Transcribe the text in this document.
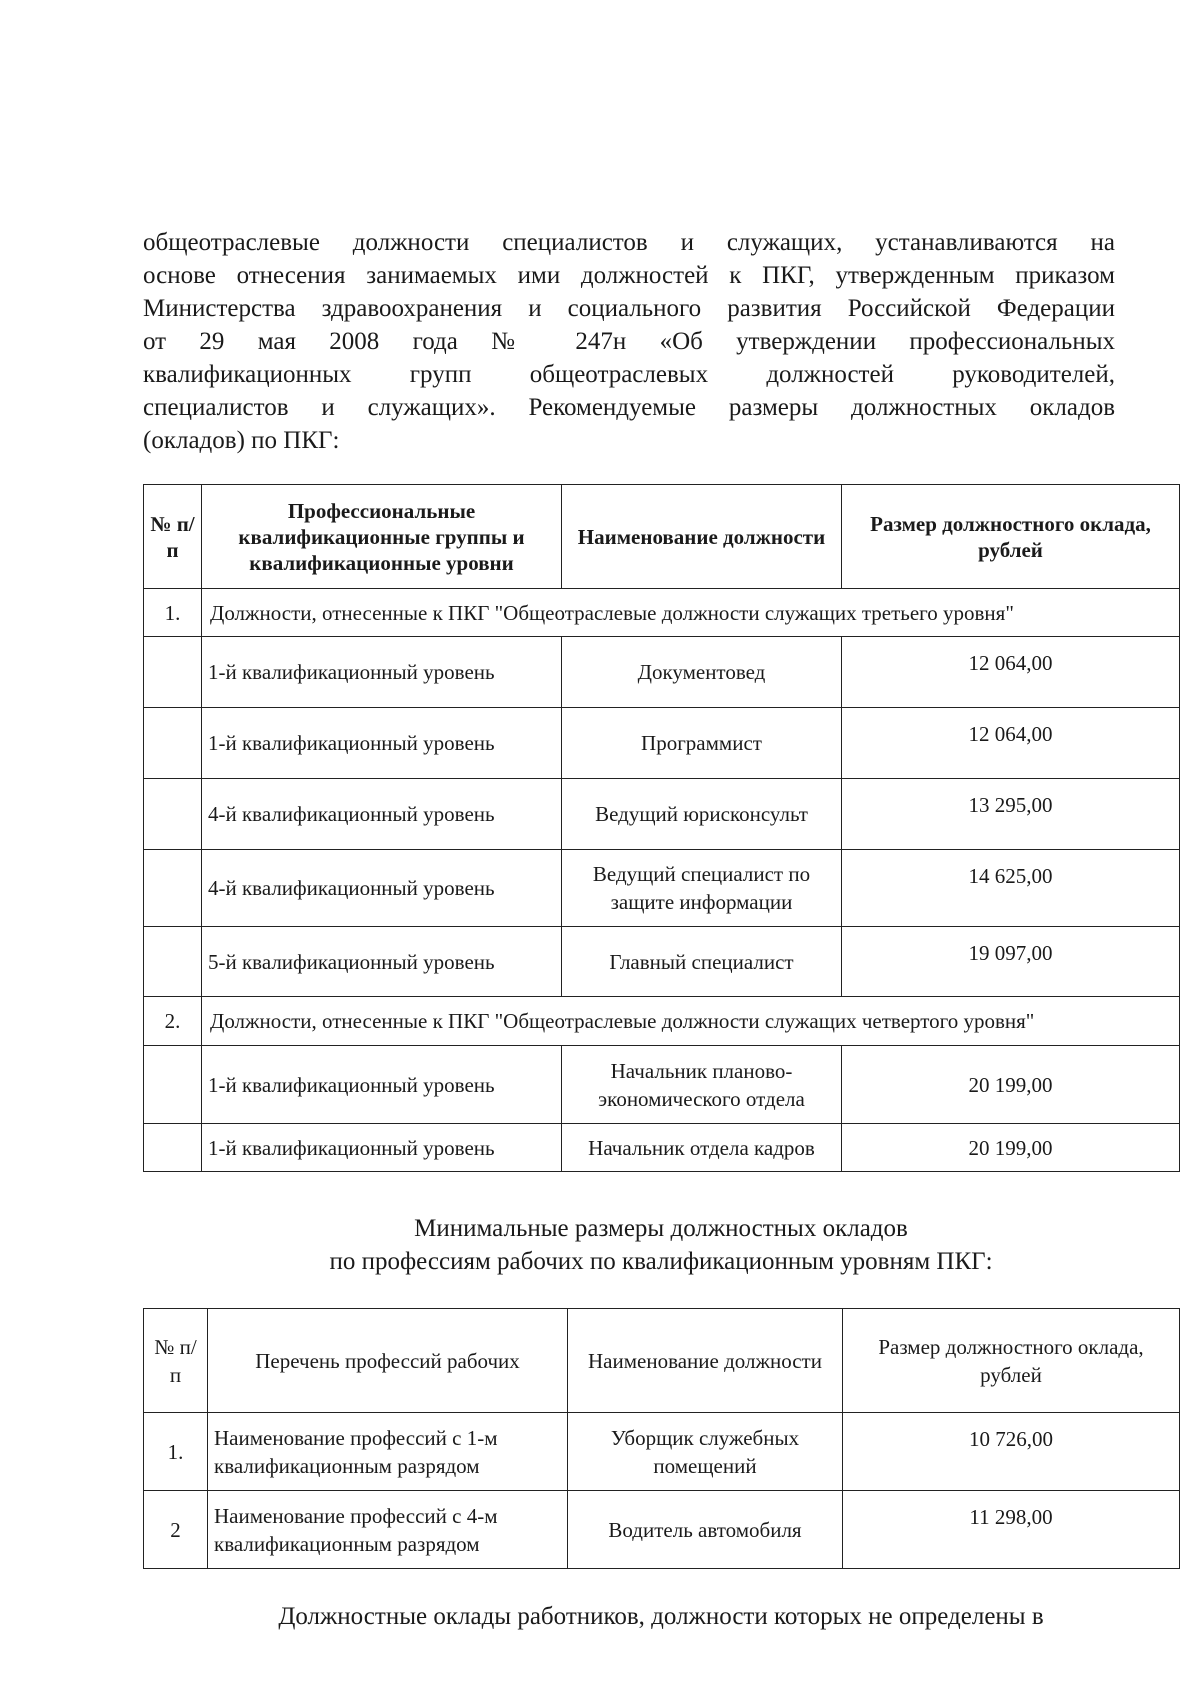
общеотраслевые должности специалистов и служащих, устанавливаются на
основе отнесения занимаемых ими должностей к ПКГ, утвержденным приказом
Министерства здравоохранения и социального развития Российской Федерации
от 29 мая 2008 года № 247н «Об утверждении профессиональных
квалификационных групп общеотраслевых должностей руководителей,
специалистов и служащих». Рекомендуемые размеры должностных окладов
(окладов) по ПКГ:
№ п/п	Профессиональные квалификационные группы и квалификационные уровни	Наименование должности	Размер должностного оклада, рублей
1.	Должности, отнесенные к ПКГ "Общеотраслевые должности служащих третьего уровня"		
	1-й квалификационный уровень	Документовед	12 064,00
	1-й квалификационный уровень	Программист	12 064,00
	4-й квалификационный уровень	Ведущий юрисконсульт	13 295,00
	4-й квалификационный уровень	Ведущий специалист по защите информации	14 625,00
	5-й квалификационный уровень	Главный специалист	19 097,00
2.	Должности, отнесенные к ПКГ "Общеотраслевые должности служащих четвертого уровня"		
	1-й квалификационный уровень	Начальник планово-экономического отдела	20 199,00
	1-й квалификационный уровень	Начальник отдела кадров	20 199,00
Минимальные размеры должностных окладов
по профессиям рабочих по квалификационным уровням ПКГ:
№ п/п	Перечень профессий рабочих	Наименование должности	Размер должностного оклада, рублей
1.	Наименование профессий с 1-м квалификационным разрядом	Уборщик служебных помещений	10 726,00
2	Наименование профессий с 4-м квалификационным разрядом	Водитель автомобиля	11 298,00
Должностные оклады работников, должности которых не определены в
